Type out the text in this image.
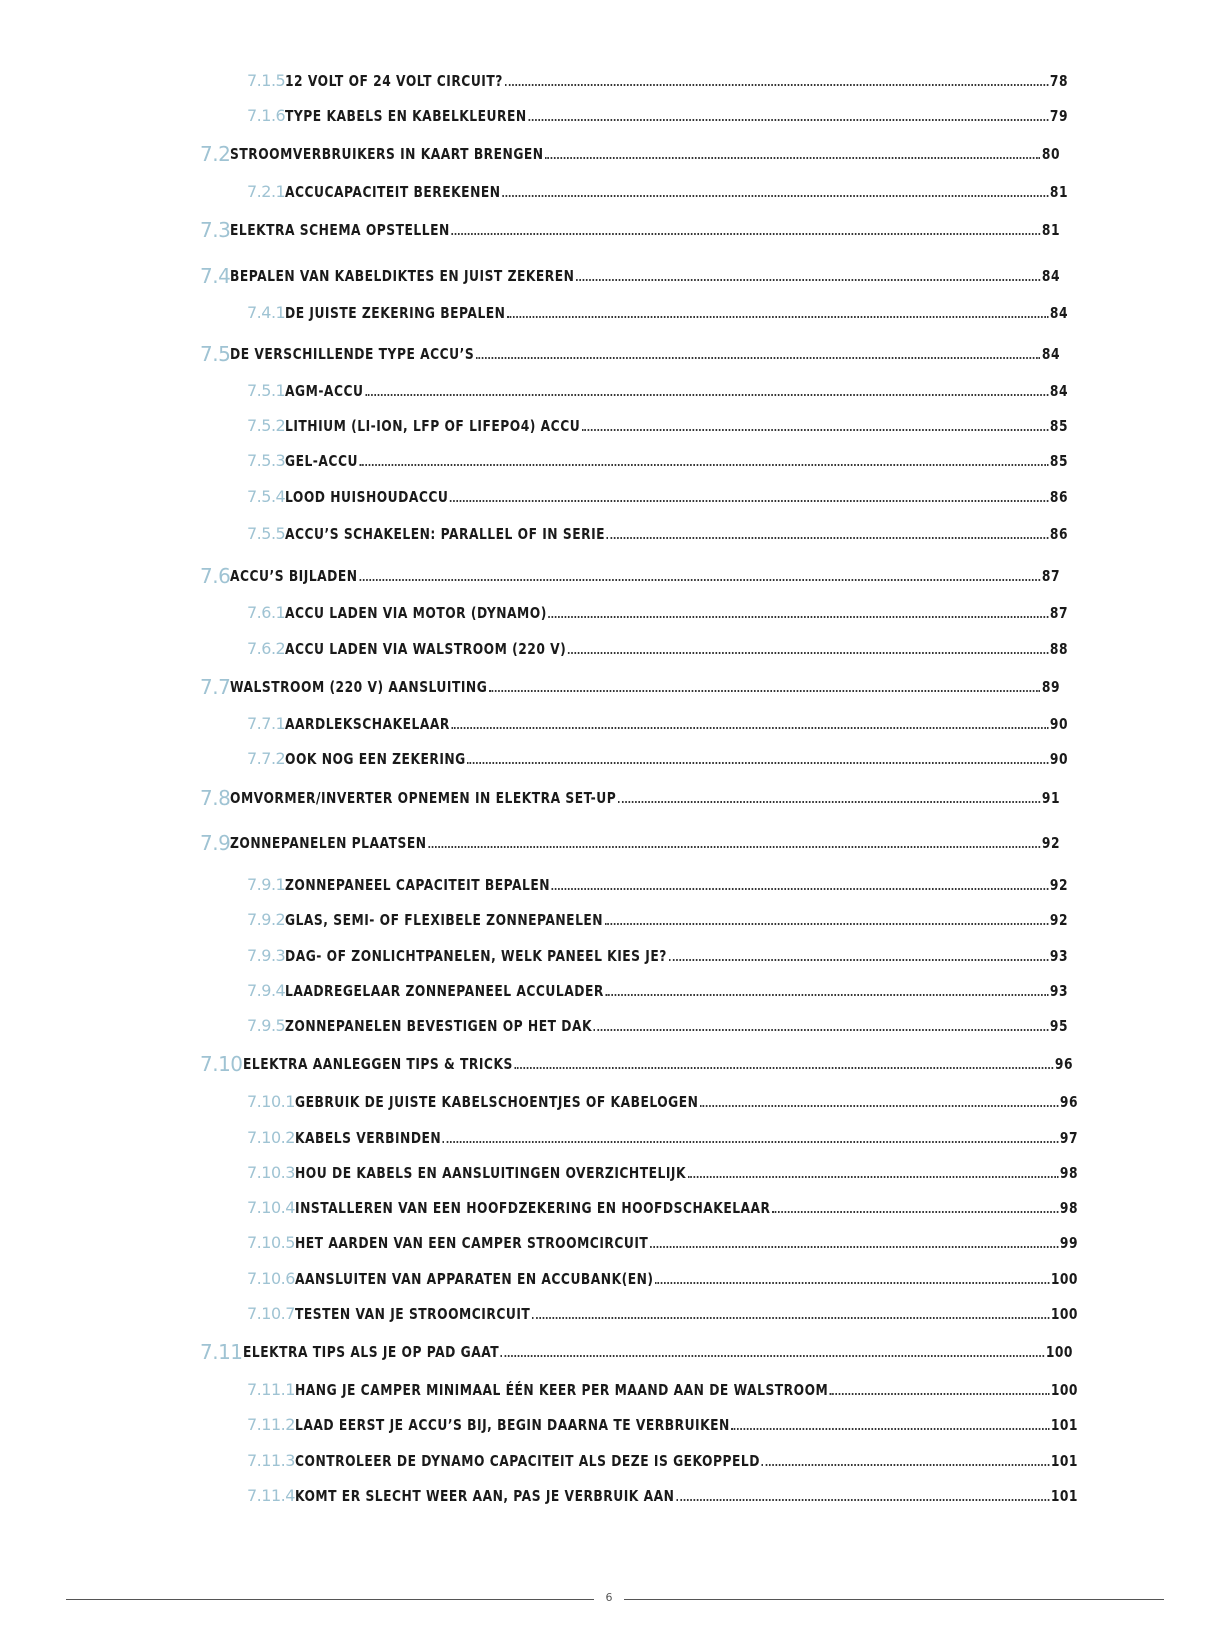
7.1.5 12 VOLT OF 24 VOLT CIRCUIT?	78
7.1.6 TYPE KABELS EN KABELKLEUREN	79
7.2 STROOMVERBRUIKERS IN KAART BRENGEN	80
7.2.1 ACCUCAPACITEIT BEREKENEN	81
7.3 ELEKTRA SCHEMA OPSTELLEN	81
7.4 BEPALEN VAN KABELDIKTES EN JUIST ZEKEREN	84
7.4.1 DE JUISTE ZEKERING BEPALEN	84
7.5 DE VERSCHILLENDE TYPE ACCU’S	84
7.5.1 AGM-ACCU	84
7.5.2 LITHIUM (LI-ION, LFP OF LIFEPO4) ACCU	85
7.5.3 GEL-ACCU	85
7.5.4 LOOD HUISHOUDACCU	86
7.5.5 ACCU’S SCHAKELEN: PARALLEL OF IN SERIE	86
7.6 ACCU’S BIJLADEN	87
7.6.1 ACCU LADEN VIA MOTOR (DYNAMO)	87
7.6.2 ACCU LADEN VIA WALSTROOM (220 V)	88
7.7 WALSTROOM (220 V) AANSLUITING	89
7.7.1 AARDLEKSCHAKELAAR	90
7.7.2 OOK NOG EEN ZEKERING	90
7.8 OMVORMER/INVERTER OPNEMEN IN ELEKTRA SET-UP	91
7.9 ZONNEPANELEN PLAATSEN	92
7.9.1 ZONNEPANEEL CAPACITEIT BEPALEN	92
7.9.2 GLAS, SEMI- OF FLEXIBELE ZONNEPANELEN	92
7.9.3 DAG- OF ZONLICHTPANELEN, WELK PANEEL KIES JE?	93
7.9.4 LAADREGELAAR ZONNEPANEEL ACCULADER	93
7.9.5 ZONNEPANELEN BEVESTIGEN OP HET DAK	95
7.10 ELEKTRA AANLEGGEN TIPS & TRICKS	96
7.10.1 GEBRUIK DE JUISTE KABELSCHOENTJES OF KABELOGEN	96
7.10.2 KABELS VERBINDEN	97
7.10.3 HOU DE KABELS EN AANSLUITINGEN OVERZICHTELIJK	98
7.10.4 INSTALLEREN VAN EEN HOOFDZEKERING EN HOOFDSCHAKELAAR	98
7.10.5 HET AARDEN VAN EEN CAMPER STROOMCIRCUIT	99
7.10.6 AANSLUITEN VAN APPARATEN EN ACCUBANK(EN)	100
7.10.7 TESTEN VAN JE STROOMCIRCUIT	100
7.11 ELEKTRA TIPS ALS JE OP PAD GAAT	100
7.11.1 HANG JE CAMPER MINIMAAL ÉÉN KEER PER MAAND AAN DE WALSTROOM	100
7.11.2 LAAD EERST JE ACCU’S BIJ, BEGIN DAARNA TE VERBRUIKEN	101
7.11.3 CONTROLEER DE DYNAMO CAPACITEIT ALS DEZE IS GEKOPPELD	101
7.11.4 KOMT ER SLECHT WEER AAN, PAS JE VERBRUIK AAN	101
6
